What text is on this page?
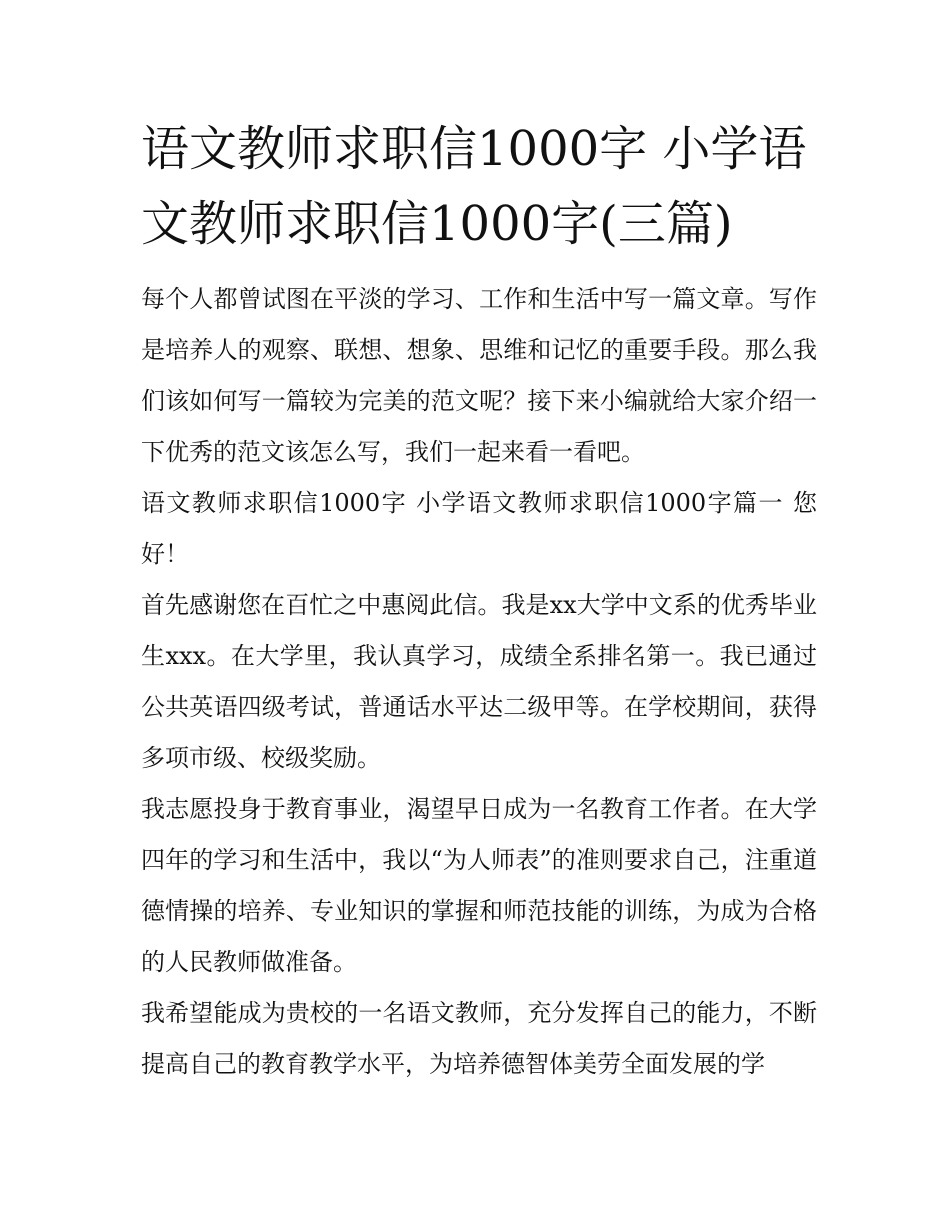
语文教师求职信1000字 小学语文教师求职信1000字(三篇)

每个人都曾试图在平淡的学习、工作和生活中写一篇文章。写作是培养人的观察、联想、想象、思维和记忆的重要手段。那么我们该如何写一篇较为完美的范文呢？接下来小编就给大家介绍一下优秀的范文该怎么写，我们一起来看一看吧。

语文教师求职信1000字 小学语文教师求职信1000字篇一 您好！

首先感谢您在百忙之中惠阅此信。我是xx大学中文系的优秀毕业生xxx。在大学里，我认真学习，成绩全系排名第一。我已通过公共英语四级考试，普通话水平达二级甲等。在学校期间，获得多项市级、校级奖励。

我志愿投身于教育事业，渴望早日成为一名教育工作者。在大学四年的学习和生活中，我以“为人师表”的准则要求自己，注重道德情操的培养、专业知识的掌握和师范技能的训练，为成为合格的人民教师做准备。

我希望能成为贵校的一名语文教师，充分发挥自己的能力，不断提高自己的教育教学水平，为培养德智体美劳全面发展的学
